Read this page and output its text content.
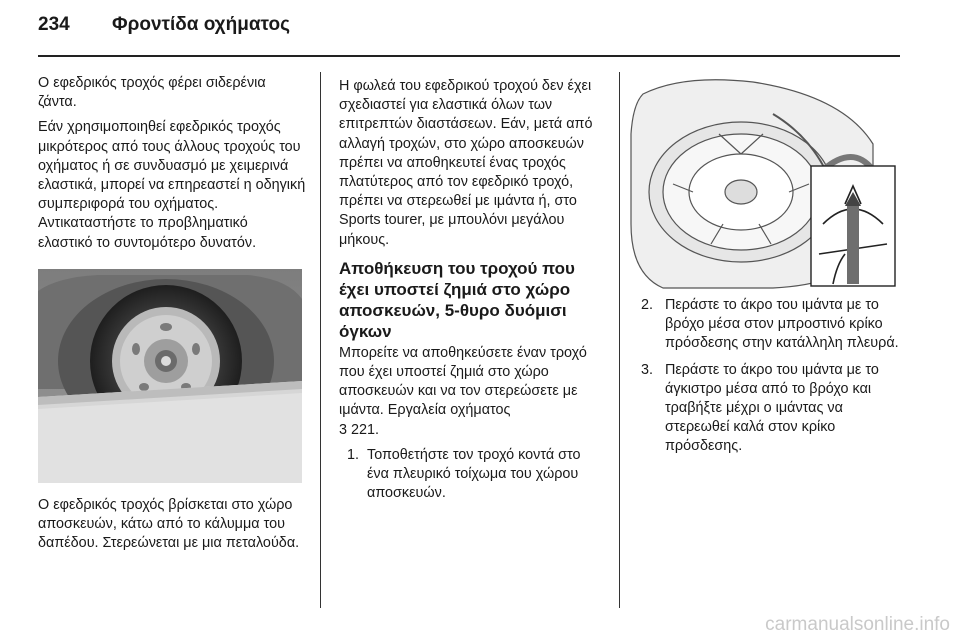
234 Φροντίδα οχήματος

Ο εφεδρικός τροχός φέρει σιδερένια ζάντα.

Εάν χρησιμοποιηθεί εφεδρικός τροχός μικρότερος από τους άλλους τροχούς του οχήματος ή σε συνδυασμό με χειμερινά ελαστικά, μπορεί να επηρεαστεί η οδηγική συμπεριφορά του οχήματος. Αντικαταστήστε το προβληματικό ελαστικό το συντομότερο δυνατόν.

Ο εφεδρικός τροχός βρίσκεται στο χώρο αποσκευών, κάτω από το κάλυμμα του δαπέδου. Στερεώνεται με μια πεταλούδα.

Η φωλεά του εφεδρικού τροχού δεν έχει σχεδιαστεί για ελαστικά όλων των επιτρεπτών διαστάσεων. Εάν, μετά από αλλαγή τροχών, στο χώρο αποσκευών πρέπει να αποθηκευτεί ένας τροχός πλατύτερος από τον εφεδρικό τροχό, πρέπει να στερεωθεί με ιμάντα ή, στο Sports tourer, με μπουλόνι μεγάλου μήκους.

Αποθήκευση του τροχού που έχει υποστεί ζημιά στο χώρο αποσκευών, 5-θυρο δυόμισι όγκων

Μπορείτε να αποθηκεύσετε έναν τροχό που έχει υποστεί ζημιά στο χώρο αποσκευών και να τον στερεώσετε με ιμάντα. Εργαλεία οχήματος
3 221.

1. Τοποθετήστε τον τροχό κοντά στο ένα πλευρικό τοίχωμα του χώρου αποσκευών.
2. Περάστε το άκρο του ιμάντα με το βρόχο μέσα στον μπροστινό κρίκο πρόσδεσης στην κατάλληλη πλευρά.
3. Περάστε το άκρο του ιμάντα με το άγκιστρο μέσα από το βρόχο και τραβήξτε μέχρι ο ιμάντας να στερεωθεί καλά στον κρίκο πρόσδεσης.
carmanualsonline.info
